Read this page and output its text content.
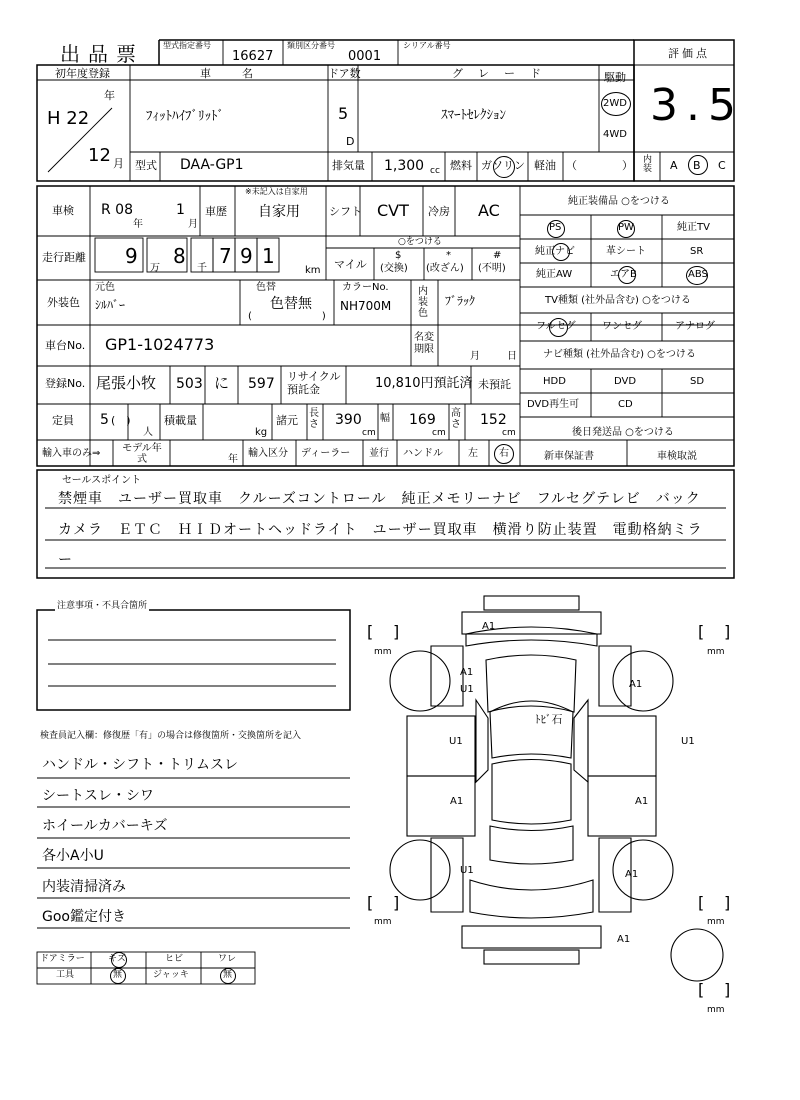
出品票 型式指定番号
16627
類別区分番号
0001
シリアル番号
評価点
3.5
初年度登録
年
H 22
12 月
車　　名
ﾌｨｯﾄﾊｲﾌﾞﾘｯﾄﾞ
ドア数
5
D
グ　レ　ー　ド
ｽﾏｰﾄｾﾚｸｼｮﾝ
駆動
2WD
4WD
型式 DAA-GP1	排気量 1,300 cc 燃料 ガソリン 軽油 （	） 内装 A B C
車検 R 08
年
1
月
車歴
※未記入は自家用
自家用	シフト CVT 冷房 AC
走行距離 9
万
8
千
7 9 1
km
○をつける
マイル
$
(交換)
*
(改ざん)
#
(不明)
外装色
元色
ｼﾙﾊﾞｰ
色替
色替無
(　　　　　　　)
カラーNo.
NH700M
内装色
ﾌﾞﾗｯｸ
車台No. GP1-1024773	名変期限
月	日
登録No. 尾張小牧 503 に 597 リサイクル預託金	10,810円預託済 未預託
定員 5 (　)
人
積載量
kg
諸元
長さ 390
cm
幅 169
cm
高さ 152
cm
輸入車のみ⇒ モデル年式	年
輸入区分 ディーラー 並行 ハンドル	左 右
純正装備品 ○をつける
PS	PW	純正TV
純正ナビ	革シート	SR
純正AW	エアB	ABS
TV種類 (社外品含む) ○をつける
フルセグ	ワンセグ	アナログ
ナビ種類 (社外品含む) ○をつける
HDD	DVD	SD
DVD再生可	CD
後日発送品 ○をつける
新車保証書	車検取説
セールスポイント
禁煙車　ユーザー買取車　クルーズコントロール　純正メモリーナビ　フルセグテレビ　バック
カメラ　ＥＴＣ　ＨＩＤオートヘッドライト　ユーザー買取車　横滑り防止装置　電動格納ミラ
ー
注意事項・不具合箇所
検査員記入欄：修復歴「有」の場合は修復箇所・交換箇所を記入
ハンドル・シフト・トリムスレ
シートスレ・シワ
ホイールカバーキズ
各小A小U
内装清掃済み
Goo鑑定付き
ドアミラー	キズ	ヒビ	ワレ
工具	無	ジャッキ	無
A1
A1
U1	A1
ﾄﾋﾞ石
U1	U1
A1	A1
U1	A1
A1
[ ]
mm
[ ]
mm
[ ]
mm
[ ]
mm
[ ]
mm
